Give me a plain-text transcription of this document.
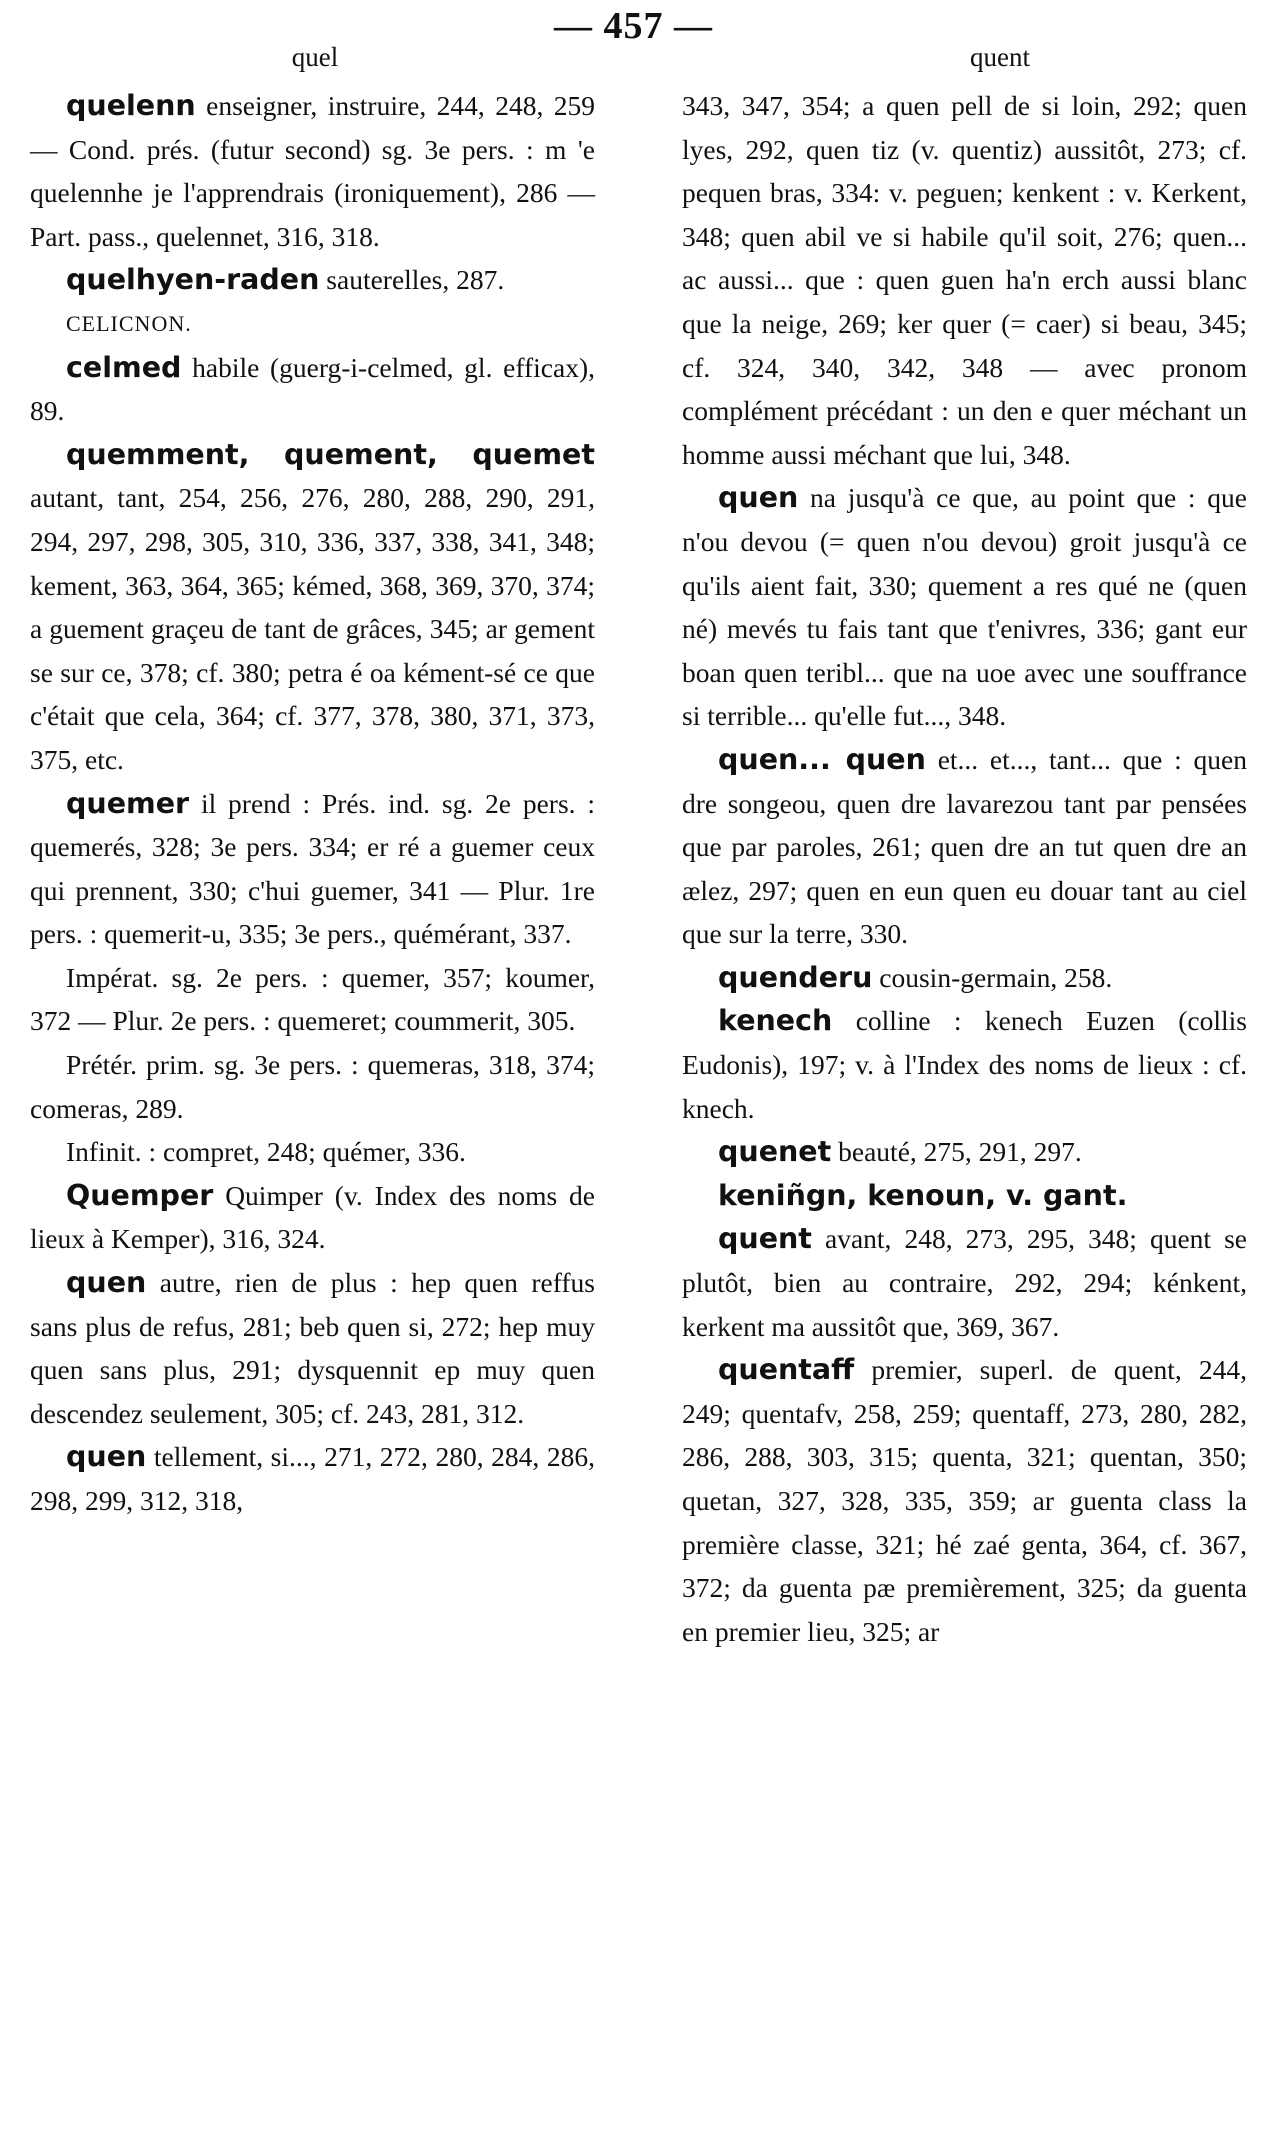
— 457 —
quel	quent

quelenn enseigner, instruire, 244, 248, 259 — Cond. prés. (futur second) sg. 3e pers. : m 'e quelennhe je l'apprendrais (ironiquement), 286 — Part. pass., quelennet, 316, 318.

quelhyen-raden sauterelles, 287.

CELICNON.

celmed habile (guerg-i-celmed, gl. efficax), 89.

quemment, quement, quemet autant, tant, 254, 256, 276, 280, 288, 290, 291, 294, 297, 298, 305, 310, 336, 337, 338, 341, 348; kement, 363, 364, 365; kémed, 368, 369, 370, 374; a guement graçeu de tant de grâces, 345; ar gement se sur ce, 378; cf. 380; petra é oa kément-sé ce que c'était que cela, 364; cf. 377, 378, 380, 371, 373, 375, etc.

quemer il prend : Prés. ind. sg. 2e pers. : quemerés, 328; 3e pers. 334; er ré a guemer ceux qui prennent, 330; c'hui guemer, 341 — Plur. 1re pers. : quemerit-u, 335; 3e pers., quémérant, 337.

Impérat. sg. 2e pers. : quemer, 357; koumer, 372 — Plur. 2e pers. : quemeret; coummerit, 305.

Prétér. prim. sg. 3e pers. : quemeras, 318, 374; comeras, 289.

Infinit. : compret, 248; quémer, 336.

Quemper Quimper (v. Index des noms de lieux à Kemper), 316, 324.

quen autre, rien de plus : hep quen reffus sans plus de refus, 281; beb quen si, 272; hep muy quen sans plus, 291; dysquennit ep muy quen descendez seulement, 305; cf. 243, 281, 312.

quen tellement, si..., 271, 272, 280, 284, 286, 298, 299, 312, 318,

343, 347, 354; a quen pell de si loin, 292; quen lyes, 292, quen tiz (v. quentiz) aussitôt, 273; cf. pequen bras, 334: v. peguen; kenkent : v. Kerkent, 348; quen abil ve si habile qu'il soit, 276; quen... ac aussi... que : quen guen ha'n erch aussi blanc que la neige, 269; ker quer (= caer) si beau, 345; cf. 324, 340, 342, 348 — avec pronom complément précédant : un den e quer méchant un homme aussi méchant que lui, 348.

quen na jusqu'à ce que, au point que : que n'ou devou (= quen n'ou devou) groit jusqu'à ce qu'ils aient fait, 330; quement a res qué ne (quen né) mevés tu fais tant que t'enivres, 336; gant eur boan quen teribl... que na uoe avec une souffrance si terrible... qu'elle fut..., 348.

quen... quen et... et..., tant... que : quen dre songeou, quen dre lavarezou tant par pensées que par paroles, 261; quen dre an tut quen dre an ælez, 297; quen en eun quen eu douar tant au ciel que sur la terre, 330.

quenderu cousin-germain, 258.

kenech colline : kenech Euzen (collis Eudonis), 197; v. à l'Index des noms de lieux : cf. knech.

quenet beauté, 275, 291, 297.

keniñgn, kenoun, v. gant.

quent avant, 248, 273, 295, 348; quent se plutôt, bien au contraire, 292, 294; kénkent, kerkent ma aussitôt que, 369, 367.

quentaff premier, superl. de quent, 244, 249; quentafv, 258, 259; quentaff, 273, 280, 282, 286, 288, 303, 315; quenta, 321; quentan, 350; quetan, 327, 328, 335, 359; ar guenta class la première classe, 321; hé zaé genta, 364, cf. 367, 372; da guenta pæ premièrement, 325; da guenta en premier lieu, 325; ar
